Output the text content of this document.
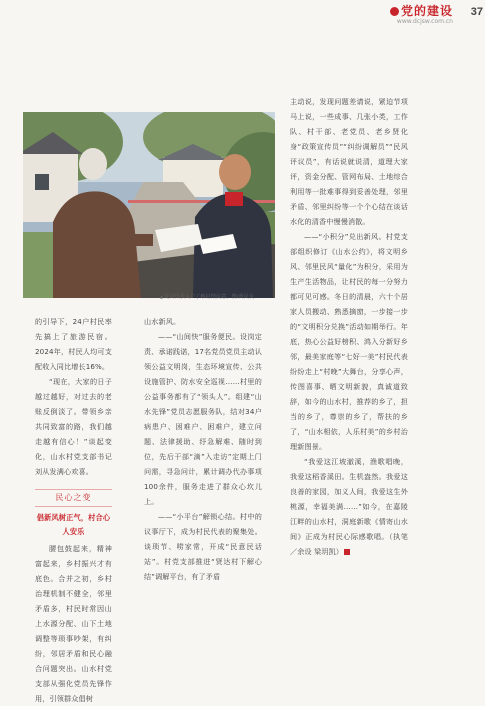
党的建设
www.dcjsw.com.cn
37
▲ 党员代表入户了解村情民意。图/黄民友

的引导下，24户村民率先搞上了旅游民宿。2024年，村民人均可支配收入同比增长16%。

“现在，大家的日子越过越好，对过去的老账反倒淡了。带领乡亲共同致富的路，我们越走越有信心！”谈起变化，山水村党支部书记刘从发满心欢喜。

民心之变
倡新风树正气，村合心人安乐

腰包鼓起来，精神富起来，乡村振兴才有底色。合并之初，乡村治理机制不健全，邻里矛盾多，村民时常因山上水源分配、山下土地调整等琐事吵架，有纠纷，邻居矛盾和民心融合问题突出。山水村党支部从强化党员先锋作用，引领群众倡树

山水新风。

——“山间快”服务便民。设岗定责、承诺践诺，17名党员党员主动认领公益文明岗，生态环境宣传、公共设施管护、防水安全巡视……村里的公益事务都有了“领头人”。组建“山水先锋”党员志愿服务队，结对34户病患户、困难户、困难户，建立问题、法律援助、纾急解难、随时到位，先后干部“滴”入走访”定期上门问需，寻急问计，累计调办代办事项100余件，服务走进了群众心坎儿上。

——“小平台”解锁心结。村中的议事厅下，成为村民代表的聚集处。谈琐节、唠家常，开成“民意民话站”。村党支部推进“贤达村下解心结”调解平台，有了矛盾

主动说，发现问题差请说，紧迫节项马上说，一些成事、几张小类，工作队、村干部、老党员、老乡贤化身“政策宣传员”“纠纷调解员”“民风评议员”，有话说就说清，道理大家评，资金分配、管网布局、土地综合利用等一批难事得到妥善处理，邻里矛盾、邻里纠纷等一个个心结在谈话水化的清香中慢慢消散。

——“小积分”兑出新风。村党支部组织修订《山水公约》，将文明乡风、邻里民风“量化”为积分，采用为生产生活物品，让村民的每一分努力都可见可感。冬日的清晨，六十个居家人员搬动、熟悉摘窗，一步接一步的“文明积分兑换”活动如期举行。年底，热心公益好榜积、鸿入分新好乡邻，最美家庭等“七好一美”村民代表纷纷走上“村晚”大舞台，分享心声，传图喜事、晒文明新貌，真诚道致辞，如今的山水村，推荐的乡了，担当的乡了，尊崇的乡了，帮扶的乡了，“山水相依，人乐村美”的乡村治理新图景。

“我爱这江坡澈溪，渔歌唱晚，我爱这稻香溪田。生机盎然。我爱这良善的家园，加义人间，我爱这生外桃源，幸福美满……”如今，在嘉陵江畔的山水村，洞庭新歌《情寄山水间》正成为村民心际感歌唱。（执笔／余设 梁玥凯）
